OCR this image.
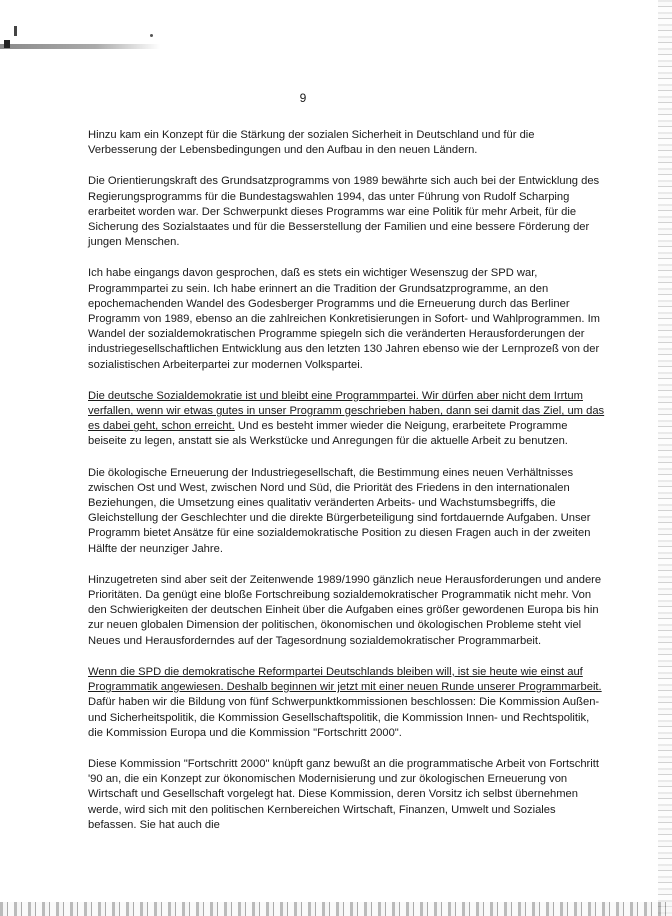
9

Hinzu kam ein Konzept für die Stärkung der sozialen Sicherheit in Deutschland und für die Verbesserung der Lebensbedingungen und den Aufbau in den neuen Ländern.

Die Orientierungskraft des Grundsatzprogramms von 1989 bewährte sich auch bei der Entwicklung des Regierungsprogramms für die Bundestagswahlen 1994, das unter Führung von Rudolf Scharping erarbeitet worden war. Der Schwerpunkt dieses Programms war eine Politik für mehr Arbeit, für die Sicherung des Sozialstaates und für die Besserstellung der Familien und eine bessere Förderung der jungen Menschen.

Ich habe eingangs davon gesprochen, daß es stets ein wichtiger Wesenszug der SPD war, Programmpartei zu sein. Ich habe erinnert an die Tradition der Grundsatzprogramme, an den epochemachenden Wandel des Godesberger Programms und die Erneuerung durch das Berliner Programm von 1989, ebenso an die zahlreichen Konkretisierungen in Sofort- und Wahlprogrammen. Im Wandel der sozialdemokratischen Programme spiegeln sich die veränderten Herausforderungen der industriegesellschaftlichen Entwicklung aus den letzten 130 Jahren ebenso wie der Lernprozeß von der sozialistischen Arbeiterpartei zur modernen Volkspartei.

Die deutsche Sozialdemokratie ist und bleibt eine Programmpartei. Wir dürfen aber nicht dem Irrtum verfallen, wenn wir etwas gutes in unser Programm geschrieben haben, dann sei damit das Ziel, um das es dabei geht, schon erreicht. Und es besteht immer wieder die Neigung, erarbeitete Programme beiseite zu legen, anstatt sie als Werkstücke und Anregungen für die aktuelle Arbeit zu benutzen.

Die ökologische Erneuerung der Industriegesellschaft, die Bestimmung eines neuen Verhältnisses zwischen Ost und West, zwischen Nord und Süd, die Priorität des Friedens in den internationalen Beziehungen, die Umsetzung eines qualitativ veränderten Arbeits- und Wachstumsbegriffs, die Gleichstellung der Geschlechter und die direkte Bürgerbeteiligung sind fortdauernde Aufgaben. Unser Programm bietet Ansätze für eine sozialdemokratische Position zu diesen Fragen auch in der zweiten Hälfte der neunziger Jahre.

Hinzugetreten sind aber seit der Zeitenwende 1989/1990 gänzlich neue Herausforderungen und andere Prioritäten. Da genügt eine bloße Fortschreibung sozialdemokratischer Programmatik nicht mehr. Von den Schwierigkeiten der deutschen Einheit über die Aufgaben eines größer gewordenen Europa bis hin zur neuen globalen Dimension der politischen, ökonomischen und ökologischen Probleme steht viel Neues und Herausforderndes auf der Tagesordnung sozialdemokratischer Programmarbeit.

Wenn die SPD die demokratische Reformpartei Deutschlands bleiben will, ist sie heute wie einst auf Programmatik angewiesen. Deshalb beginnen wir jetzt mit einer neuen Runde unserer Programmarbeit. Dafür haben wir die Bildung von fünf Schwerpunktkommissionen beschlossen: Die Kommission Außen- und Sicherheitspolitik, die Kommission Gesellschaftspolitik, die Kommission Innen- und Rechtspolitik, die Kommission Europa und die Kommission "Fortschritt 2000".

Diese Kommission "Fortschritt 2000" knüpft ganz bewußt an die programmatische Arbeit von Fortschritt '90 an, die ein Konzept zur ökonomischen Modernisierung und zur ökologischen Erneuerung von Wirtschaft und Gesellschaft vorgelegt hat. Diese Kommission, deren Vorsitz ich selbst übernehmen werde, wird sich mit den politischen Kernbereichen Wirtschaft, Finanzen, Umwelt und Soziales befassen. Sie hat auch die
